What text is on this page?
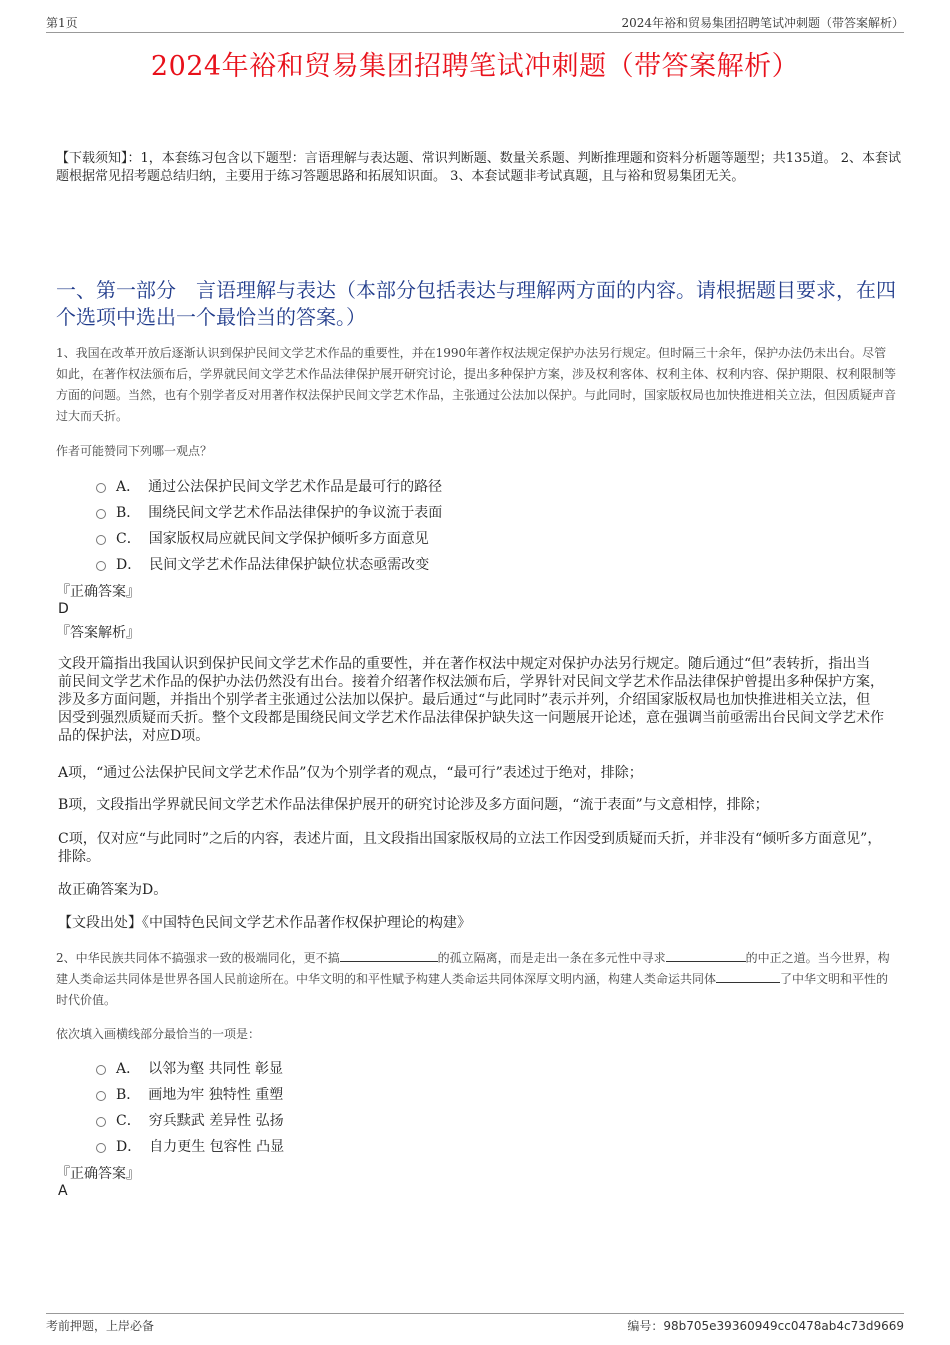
第1页	2024年裕和贸易集团招聘笔试冲刺题（带答案解析）
2024年裕和贸易集团招聘笔试冲刺题（带答案解析）
【下载须知】：1，本套练习包含以下题型：言语理解与表达题、常识判断题、数量关系题、判断推理题和资料分析题等题型；共135道。 2、本套试题根据常见招考题总结归纳，主要用于练习答题思路和拓展知识面。 3、本套试题非考试真题，且与裕和贸易集团无关。
一、第一部分　言语理解与表达（本部分包括表达与理解两方面的内容。请根据题目要求，在四个选项中选出一个最恰当的答案。）
1、我国在改革开放后逐渐认识到保护民间文学艺术作品的重要性，并在1990年著作权法规定保护办法另行规定。但时隔三十余年，保护办法仍未出台。尽管如此，在著作权法颁布后，学界就民间文学艺术作品法律保护展开研究讨论，提出多种保护方案，涉及权利客体、权利主体、权利内容、保护期限、权利限制等方面的问题。当然，也有个别学者反对用著作权法保护民间文学艺术作品，主张通过公法加以保护。与此同时，国家版权局也加快推进相关立法，但因质疑声音过大而夭折。
作者可能赞同下列哪一观点？
A． 通过公法保护民间文学艺术作品是最可行的路径
B． 围绕民间文学艺术作品法律保护的争议流于表面
C． 国家版权局应就民间文学保护倾听多方面意见
D． 民间文学艺术作品法律保护缺位状态亟需改变
『正确答案』
D
『答案解析』

文段开篇指出我国认识到保护民间文学艺术作品的重要性，并在著作权法中规定对保护办法另行规定。随后通过“但”表转折，指出当前民间文学艺术作品的保护办法仍然没有出台。接着介绍著作权法颁布后，学界针对民间文学艺术作品法律保护曾提出多种保护方案，涉及多方面问题，并指出个别学者主张通过公法加以保护。最后通过“与此同时”表示并列，介绍国家版权局也加快推进相关立法，但因受到强烈质疑而夭折。整个文段都是围绕民间文学艺术作品法律保护缺失这一问题展开论述，意在强调当前亟需出台民间文学艺术作品的保护法，对应D项。

A项，“通过公法保护民间文学艺术作品”仅为个别学者的观点，“最可行”表述过于绝对，排除；

B项，文段指出学界就民间文学艺术作品法律保护展开的研究讨论涉及多方面问题，“流于表面”与文意相悖，排除；

C项，仅对应“与此同时”之后的内容，表述片面，且文段指出国家版权局的立法工作因受到质疑而夭折，并非没有“倾听多方面意见”，排除。

故正确答案为D。

【文段出处】《中国特色民间文学艺术作品著作权保护理论的构建》

2、中华民族共同体不搞强求一致的极端同化，更不搞	的孤立隔离，而是走出一条在多元性中寻求	的中正之道。当今世界，构建人类命运共同体是世界各国人民前途所在。中华文明的和平性赋予构建人类命运共同体深厚文明内涵，构建人类命运共同体	了中华文明和平性的时代价值。
依次填入画横线部分最恰当的一项是：
A． 以邻为壑 共同性 彰显
B． 画地为牢 独特性 重塑
C． 穷兵黩武 差异性 弘扬
D． 自力更生 包容性 凸显
『正确答案』
A
考前押题，上岸必备	编号：98b705e39360949cc0478ab4c73d9669
